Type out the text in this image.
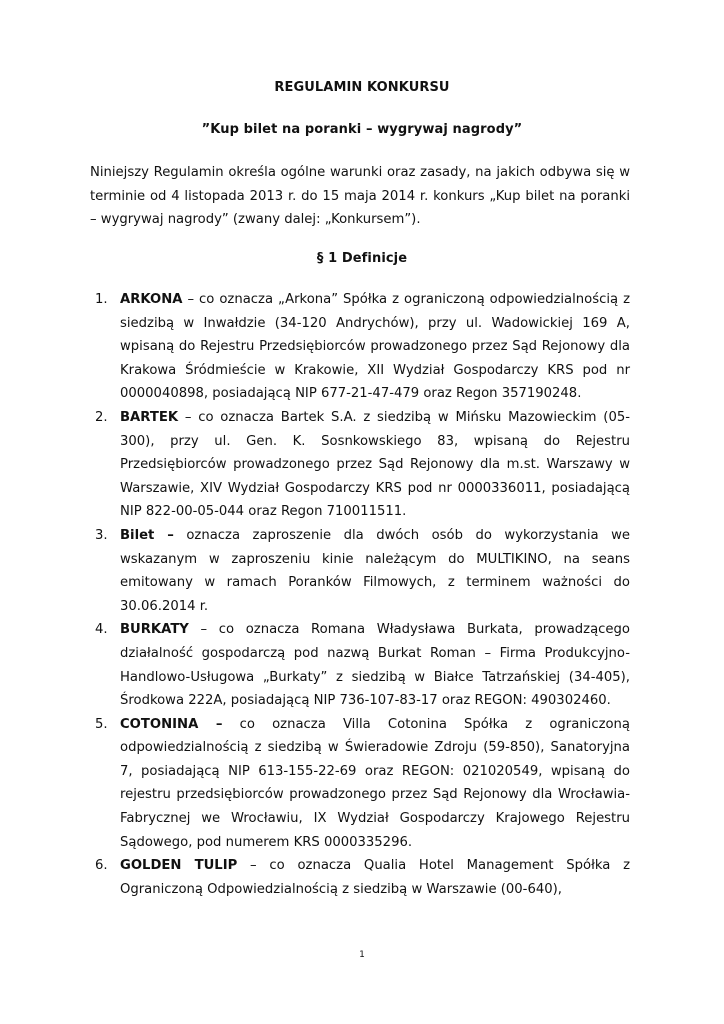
REGULAMIN KONKURSU
”Kup bilet na poranki – wygrywaj nagrody”

Niniejszy Regulamin określa ogólne warunki oraz zasady, na jakich odbywa się w terminie od 4 listopada 2013 r. do 15 maja 2014 r. konkurs „Kup bilet na poranki – wygrywaj nagrody” (zwany dalej: „Konkursem”).

§ 1 Definicje
1. ARKONA – co oznacza „Arkona” Spółka z ograniczoną odpowiedzialnością z siedzibą w Inwałdzie (34-120 Andrychów), przy ul. Wadowickiej 169 A, wpisaną do Rejestru Przedsiębiorców prowadzonego przez Sąd Rejonowy dla Krakowa Śródmieście w Krakowie, XII Wydział Gospodarczy KRS pod nr 0000040898, posiadającą NIP 677-21-47-479 oraz Regon 357190248.
2. BARTEK – co oznacza Bartek S.A. z siedzibą w Mińsku Mazowieckim (05-300), przy ul. Gen. K. Sosnkowskiego 83, wpisaną do Rejestru Przedsiębiorców prowadzonego przez Sąd Rejonowy dla m.st. Warszawy w Warszawie, XIV Wydział Gospodarczy KRS pod nr 0000336011, posiadającą NIP 822-00-05-044 oraz Regon 710011511.
3. Bilet – oznacza zaproszenie dla dwóch osób do wykorzystania we wskazanym w zaproszeniu kinie należącym do MULTIKINO, na seans emitowany w ramach Poranków Filmowych, z terminem ważności do 30.06.2014 r.
4. BURKATY – co oznacza Romana Władysława Burkata, prowadzącego działalność gospodarczą pod nazwą Burkat Roman – Firma Produkcyjno-Handlowo-Usługowa „Burkaty” z siedzibą w Białce Tatrzańskiej (34-405), Środkowa 222A, posiadającą NIP 736-107-83-17 oraz REGON: 490302460.
5. COTONINA – co oznacza Villa Cotonina Spółka z ograniczoną odpowiedzialnością z siedzibą w Świeradowie Zdroju (59-850), Sanatoryjna 7, posiadającą NIP 613-155-22-69 oraz REGON: 021020549, wpisaną do rejestru przedsiębiorców prowadzonego przez Sąd Rejonowy dla Wrocławia-Fabrycznej we Wrocławiu, IX Wydział Gospodarczy Krajowego Rejestru Sądowego, pod numerem KRS 0000335296.
6. GOLDEN TULIP – co oznacza Qualia Hotel Management Spółka z Ograniczoną Odpowiedzialnością z siedzibą w Warszawie (00-640),
1
